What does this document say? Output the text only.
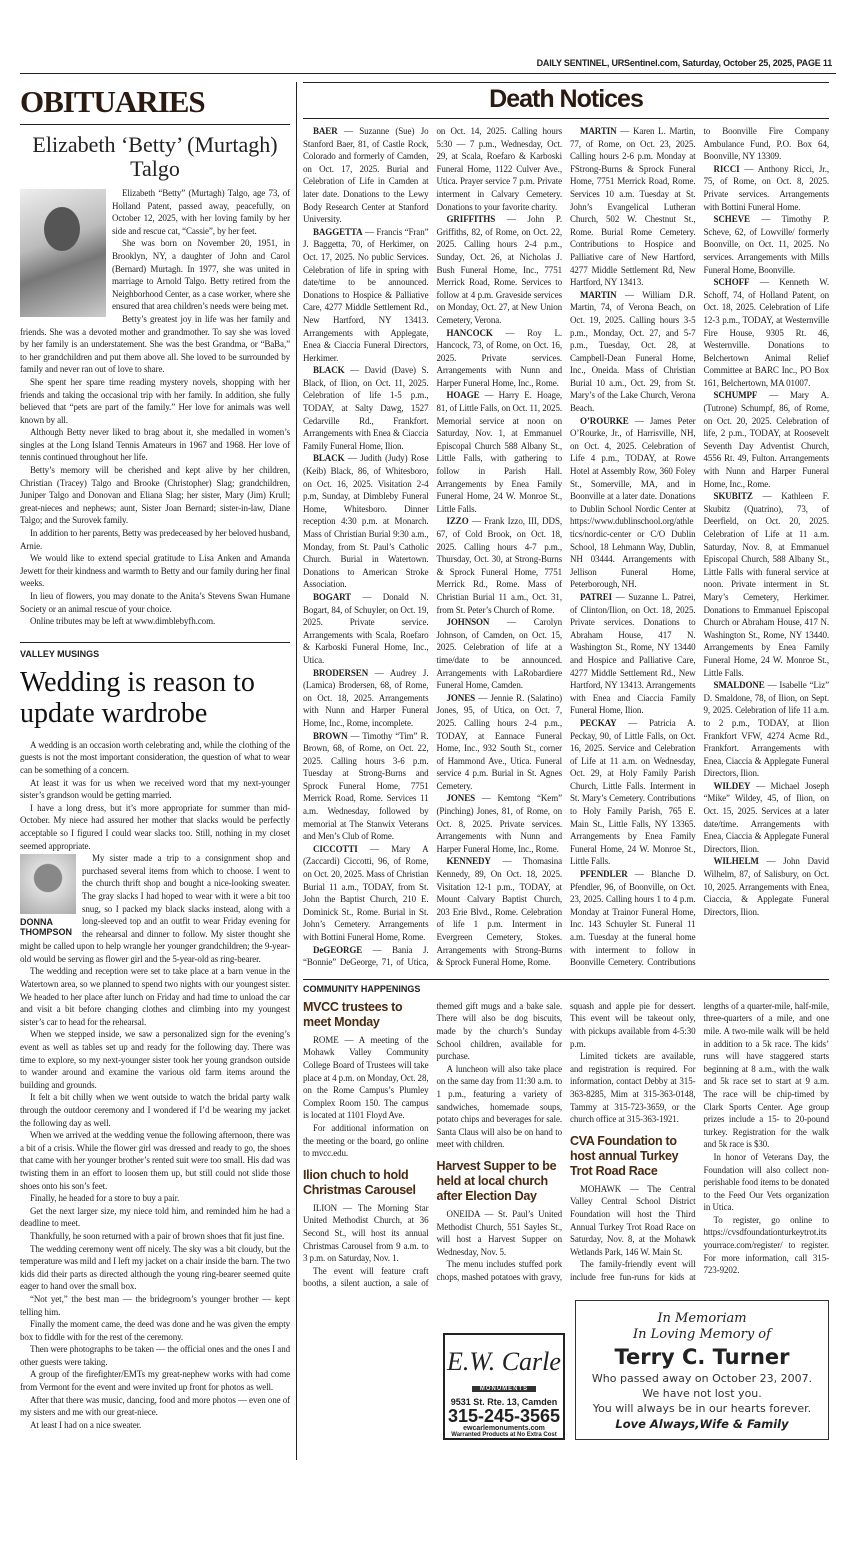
DAILY SENTINEL, URSentinel.com, Saturday, October 25, 2025, PAGE 11
OBITUARIES
Elizabeth ‘Betty’ (Murtagh) Talgo

Elizabeth “Betty” (Murtagh) Talgo, age 73, of Holland Patent, passed away, peacefully, on October 12, 2025, with her loving family by her side and rescue cat, “Cassie”, by her feet.

She was born on November 20, 1951, in Brooklyn, NY, a daughter of John and Carol (Bernard) Murtagh. In 1977, she was united in marriage to Arnold Talgo. Betty retired from the Neighborhood Center, as a case worker, where she ensured that area children’s needs were being met.

Betty’s greatest joy in life was her family and friends. She was a devoted mother and grandmother. To say she was loved by her family is an understatement. She was the best Grandma, or “BaBa,” to her grandchildren and put them above all. She loved to be surrounded by family and never ran out of love to share.

She spent her spare time reading mystery novels, shopping with her friends and taking the occasional trip with her family. In addition, she fully believed that “pets are part of the family.” Her love for animals was well known by all.

Although Betty never liked to brag about it, she medalled in women’s singles at the Long Island Tennis Amateurs in 1967 and 1968. Her love of tennis continued throughout her life.

Betty’s memory will be cherished and kept alive by her children, Christian (Tracey) Talgo and Brooke (Christopher) Slag; grandchildren, Juniper Talgo and Donovan and Eliana Slag; her sister, Mary (Jim) Krull; great-nieces and nephews; aunt, Sister Joan Bernard; sister-in-law, Diane Talgo; and the Surovek family.

In addition to her parents, Betty was predeceased by her beloved husband, Arnie.

We would like to extend special gratitude to Lisa Anken and Amanda Jewett for their kindness and warmth to Betty and our family during her final weeks.

In lieu of flowers, you may donate to the Anita’s Stevens Swan Humane Society or an animal rescue of your choice.

Online tributes may be left at www.dimblebyfh.com.

VALLEY MUSINGS
Wedding is reason to update wardrobe

A wedding is an occasion worth celebrating and, while the clothing of the guests is not the most important consideration, the question of what to wear can be something of a concern.

At least it was for us when we received word that my next-younger sister’s grandson would be getting married.

I have a long dress, but it’s more appropriate for summer than mid-October. My niece had assured her mother that slacks would be perfectly acceptable so I figured I could wear slacks too. Still, nothing in my closet seemed appropriate.

DONNA THOMPSON

My sister made a trip to a consignment shop and purchased several items from which to choose. I went to the church thrift shop and bought a nice-looking sweater. The gray slacks I had hoped to wear with it were a bit too snug, so I packed my black slacks instead, along with a long-sleeved top and an outfit to wear Friday evening for the rehearsal and dinner to follow. My sister thought she might be called upon to help wrangle her younger grandchildren; the 9-year-old would be serving as flower girl and the 5-year-old as ring-bearer.

The wedding and reception were set to take place at a barn venue in the Watertown area, so we planned to spend two nights with our youngest sister. We headed to her place after lunch on Friday and had time to unload the car and visit a bit before changing clothes and climbing into my youngest sister’s car to head for the rehearsal.

When we stepped inside, we saw a personalized sign for the evening’s event as well as tables set up and ready for the following day. There was time to explore, so my next-younger sister took her young grandson outside to wander around and examine the various old farm items around the building and grounds.

It felt a bit chilly when we went outside to watch the bridal party walk through the outdoor ceremony and I wondered if I’d be wearing my jacket the following day as well.

When we arrived at the wedding venue the following afternoon, there was a bit of a crisis. While the flower girl was dressed and ready to go, the shoes that came with her younger brother’s rented suit were too small. His dad was twisting them in an effort to loosen them up, but still could not slide those shoes onto his son’s feet.

Finally, he headed for a store to buy a pair.

Get the next larger size, my niece told him, and reminded him he had a deadline to meet.

Thankfully, he soon returned with a pair of brown shoes that fit just fine.

The wedding ceremony went off nicely. The sky was a bit cloudy, but the temperature was mild and I left my jacket on a chair inside the barn. The two kids did their parts as directed although the young ring-bearer seemed quite eager to hand over the small box.

“Not yet,” the best man — the bridegroom’s younger brother — kept telling him.

Finally the moment came, the deed was done and he was given the empty box to fiddle with for the rest of the ceremony.

Then were photographs to be taken — the official ones and the ones I and other guests were taking.

A group of the firefighter/EMTs my great-nephew works with had come from Vermont for the event and were invited up front for photos as well.

After that there was music, dancing, food and more photos — even one of my sisters and me with our great-niece.

At least I had on a nice sweater.

Death Notices

BAER — Suzanne (Sue) Jo Stanford Baer, 81, of Castle Rock, Colorado and formerly of Camden, on Oct. 17, 2025. Burial and Celebration of Life in Camden at later date. Donations to the Lewy Body Research Center at Stanford University.

BAGGETTA — Francis “Fran” J. Baggetta, 70, of Herkimer, on Oct. 17, 2025. No public Services. Celebration of life in spring with date/time to be announced. Donations to Hospice & Palliative Care, 4277 Middle Settlement Rd., New Hartford, NY 13413. Arrangements with Applegate, Enea & Ciaccia Funeral Directors, Herkimer.

BLACK — David (Dave) S. Black, of Ilion, on Oct. 11, 2025. Celebration of life 1-5 p.m., TODAY, at Salty Dawg, 1527 Cedarville Rd., Frankfort. Arrangements with Enea & Ciaccia Family Funeral Home, Ilion.

BLACK — Judith (Judy) Rose (Keib) Black, 86, of Whitesboro, on Oct. 16, 2025. Visitation 2-4 p.m, Sunday, at Dimbleby Funeral Home, Whitesboro. Dinner reception 4:30 p.m. at Monarch. Mass of Christian Burial 9:30 a.m., Monday, from St. Paul’s Catholic Church. Burial in Watertown. Donations to American Stroke Association.

BOGART — Donald N. Bogart, 84, of Schuyler, on Oct. 19, 2025. Private service. Arrangements with Scala, Roefaro & Karboski Funeral Home, Inc., Utica.

BRODERSEN — Audrey J. (Lamica) Brodersen, 68, of Rome, on Oct. 18, 2025. Arrangements with Nunn and Harper Funeral Home, Inc., Rome, incomplete.

BROWN — Timothy “Tim” R. Brown, 68, of Rome, on Oct. 22, 2025. Calling hours 3-6 p.m. Tuesday at Strong-Burns and Sprock Funeral Home, 7751 Merrick Road, Rome. Services 11 a.m. Wednesday, followed by memorial at The Stanwix Veterans and Men’s Club of Rome.

CICCOTTI — Mary A (Zaccardi) Ciccotti, 96, of Rome, on Oct. 20, 2025. Mass of Christian Burial 11 a.m., TODAY, from St. John the Baptist Church, 210 E. Dominick St., Rome. Burial in St. John’s Cemetery. Arrangements with Bottini Funeral Home, Rome.

DeGEORGE — Bania J. “Bonnie” DeGeorge, 71, of Utica, on Oct. 14, 2025. Calling hours 5:30 — 7 p.m., Wednesday, Oct. 29, at Scala, Roefaro & Karboski Funeral Home, 1122 Culver Ave., Utica. Prayer service 7 p.m. Private interment in Calvary Cemetery. Donations to your favorite charity.

GRIFFITHS — John P. Griffiths, 82, of Rome, on Oct. 22, 2025. Calling hours 2-4 p.m., Sunday, Oct. 26, at Nicholas J. Bush Funeral Home, Inc., 7751 Merrick Road, Rome. Services to follow at 4 p.m. Graveside services on Monday, Oct. 27, at New Union Cemetery, Verona.

HANCOCK — Roy L. Hancock, 73, of Rome, on Oct. 16, 2025. Private services. Arrangements with Nunn and Harper Funeral Home, Inc., Rome.

HOAGE — Harry E. Hoage, 81, of Little Falls, on Oct. 11, 2025. Memorial service at noon on Saturday, Nov. 1, at Emmanuel Episcopal Church 588 Albany St., Little Falls, with gathering to follow in Parish Hall. Arrangements by Enea Family Funeral Home, 24 W. Monroe St., Little Falls.

IZZO — Frank Izzo, III, DDS, 67, of Cold Brook, on Oct. 18, 2025. Calling hours 4-7 p.m., Thursday, Oct. 30, at Strong-Burns & Sprock Funeral Home, 7751 Merrick Rd., Rome. Mass of Christian Burial 11 a.m., Oct. 31, from St. Peter’s Church of Rome.

JOHNSON — Carolyn Johnson, of Camden, on Oct. 15, 2025. Celebration of life at a time/date to be announced. Arrangements with LaRobardiere Funeral Home, Camden.

JONES — Jennie R. (Salatino) Jones, 95, of Utica, on Oct. 7, 2025. Calling hours 2-4 p.m., TODAY, at Eannace Funeral Home, Inc., 932 South St., corner of Hammond Ave., Utica. Funeral service 4 p.m. Burial in St. Agnes Cemetery.

JONES — Kemtong “Kem” (Pinching) Jones, 81, of Rome, on Oct. 8, 2025. Private services. Arrangements with Nunn and Harper Funeral Home, Inc., Rome.

KENNEDY — Thomasina Kennedy, 89, On Oct. 18, 2025. Visitation 12-1 p.m., TODAY, at Mount Calvary Baptist Church, 203 Erie Blvd., Rome. Celebration of life 1 p.m. Interment in Evergreen Cemetery, Stokes. Arrangements with Strong-Burns & Sprock Funeral Home, Rome.

MARTIN — Karen L. Martin, 77, of Rome, on Oct. 23, 2025. Calling hours 2-6 p.m. Monday at FStrong-Burns & Sprock Funeral Home, 7751 Merrick Road, Rome. Services 10 a.m. Tuesday at St. John’s Evangelical Lutheran Church, 502 W. Chestnut St., Rome. Burial Rome Cemetery. Contributions to Hospice and Palliative care of New Hartford, 4277 Middle Settlement Rd, New Hartford, NY 13413.

MARTIN — William D.R. Martin, 74, of Verona Beach, on Oct. 19, 2025. Calling hours 3-5 p.m., Monday, Oct. 27, and 5-7 p.m., Tuesday, Oct. 28, at Campbell-Dean Funeral Home, Inc., Oneida. Mass of Christian Burial 10 a.m., Oct. 29, from St. Mary’s of the Lake Church, Verona Beach.

O’ROURKE — James Peter O’Rourke, Jr., of Harrisville, NH, on Oct. 4, 2025. Celebration of Life 4 p.m., TODAY, at Rowe Hotel at Assembly Row, 360 Foley St., Somerville, MA, and in Boonville at a later date. Donations to Dublin School Nordic Center at https://www.dublinschool.org/athletics/nordic-center or C/O Dublin School, 18 Lehmann Way, Dublin, NH 03444. Arrangements with Jellison Funeral Home, Peterborough, NH.

PATREI — Suzanne L. Patrei, of Clinton/Ilion, on Oct. 18, 2025. Private services. Donations to Abraham House, 417 N. Washington St., Rome, NY 13440 and Hospice and Palliative Care, 4277 Middle Settlement Rd., New Hartford, NY 13413. Arrangements with Enea and Ciaccia Family Funeral Home, Ilion.

PECKAY — Patricia A. Peckay, 90, of Little Falls, on Oct. 16, 2025. Service and Celebration of Life at 11 a.m. on Wednesday, Oct. 29, at Holy Family Parish Church, Little Falls. Interment in St. Mary’s Cemetery. Contributions to Holy Family Parish, 765 E. Main St., Little Falls, NY 13365. Arrangements by Enea Family Funeral Home, 24 W. Monroe St., Little Falls.

PFENDLER — Blanche D. Pfendler, 96, of Boonville, on Oct. 23, 2025. Calling hours 1 to 4 p.m. Monday at Trainor Funeral Home, Inc. 143 Schuyler St. Funeral 11 a.m. Tuesday at the funeral home with interment to follow in Boonville Cemetery. Contributions to Boonville Fire Company Ambulance Fund, P.O. Box 64, Boonville, NY 13309.

RICCI — Anthony Ricci, Jr., 75, of Rome, on Oct. 8, 2025. Private services. Arrangements with Bottini Funeral Home.

SCHEVE — Timothy P. Scheve, 62, of Lowville/ formerly Boonville, on Oct. 11, 2025. No services. Arrangements with Mills Funeral Home, Boonville.

SCHOFF — Kenneth W. Schoff, 74, of Holland Patent, on Oct. 18, 2025. Celebration of Life 12-3 p.m., TODAY, at Westernville Fire House, 9305 Rt. 46, Westernville. Donations to Belchertown Animal Relief Committee at BARC Inc., PO Box 161, Belchertown, MA 01007.

SCHUMPF — Mary A. (Tutrone) Schumpf, 86, of Rome, on Oct. 20, 2025. Celebration of life, 2 p.m., TODAY, at Roosevelt Seventh Day Adventist Church, 4556 Rt. 49, Fulton. Arrangements with Nunn and Harper Funeral Home, Inc., Rome.

SKUBITZ — Kathleen F. Skubitz (Quatrino), 73, of Deerfield, on Oct. 20, 2025. Celebration of Life at 11 a.m. Saturday, Nov. 8, at Emmanuel Episcopal Church, 588 Albany St., Little Falls with funeral service at noon. Private interment in St. Mary’s Cemetery, Herkimer. Donations to Emmanuel Episcopal Church or Abraham House, 417 N. Washington St., Rome, NY 13440. Arrangements by Enea Family Funeral Home, 24 W. Monroe St., Little Falls.

SMALDONE — Isabelle “Liz” D. Smaldone, 78, of Ilion, on Sept. 9, 2025. Celebration of life 11 a.m. to 2 p.m., TODAY, at Ilion Frankfort VFW, 4274 Acme Rd., Frankfort. Arrangements with Enea, Ciaccia & Applegate Funeral Directors, Ilion.

WILDEY — Michael Joseph “Mike” Wildey, 45, of Ilion, on Oct. 15, 2025. Services at a later date/time. Arrangements with Enea, Ciaccia & Applegate Funeral Directors, Ilion.

WILHELM — John David Wilhelm, 87, of Salisbury, on Oct. 10, 2025. Arrangements with Enea, Ciaccia, & Applegate Funeral Directors, Ilion.

COMMUNITY HAPPENINGS
MVCC trustees to meet Monday

ROME — A meeting of the Mohawk Valley Community College Board of Trustees will take place at 4 p.m. on Monday, Oct. 28, on the Rome Campus’s Plumley Complex Room 150. The campus is located at 1101 Floyd Ave.

For additional information on the meeting or the board, go online to mvcc.edu.

Ilion chuch to hold Christmas Carousel

ILION — The Morning Star United Methodist Church, at 36 Second St., will host its annual Christmas Carousel from 9 a.m. to 3 p.m. on Saturday, Nov. 1.

The event will feature craft booths, a silent auction, a sale of themed gift mugs and a bake sale. There will also be dog biscuits, made by the church’s Sunday School children, available for purchase.

A luncheon will also take place on the same day from 11:30 a.m. to 1 p.m., featuring a variety of sandwiches, homemade soups, potato chips and beverages for sale. Santa Claus will also be on hand to meet with children.

Harvest Supper to be held at local church after Election Day

ONEIDA — St. Paul’s United Methodist Church, 551 Sayles St., will host a Harvest Supper on Wednesday, Nov. 5.

The menu includes stuffed pork chops, mashed potatoes with gravy, squash and apple pie for dessert. This event will be takeout only, with pickups available from 4-5:30 p.m.

Limited tickets are available, and registration is required. For information, contact Debby at 315-363-8285, Mim at 315-363-0148, Tammy at 315-723-3659, or the church office at 315-363-1921.

CVA Foundation to host annual Turkey Trot Road Race

MOHAWK — The Central Valley Central School District Foundation will host the Third Annual Turkey Trot Road Race on Saturday, Nov. 8, at the Mohawk Wetlands Park, 146 W. Main St.

The family-friendly event will include free fun-runs for kids at lengths of a quarter-mile, half-mile, three-quarters of a mile, and one mile. A two-mile walk will be held in addition to a 5k race. The kids’ runs will have staggered starts beginning at 8 a.m., with the walk and 5k race set to start at 9 a.m. The race will be chip-timed by Clark Sports Center. Age group prizes include a 15- to 20-pound turkey. Registration for the walk and 5k race is $30.

In honor of Veterans Day, the Foundation will also collect non-perishable food items to be donated to the Feed Our Vets organization in Utica.

To register, go online to https://cvsdfoundationturkeytrot.itsyourrace.com/register/ to register. For more information, call 315-723-9202.

E.W. Carle
MONUMENTS
9531 St. Rte. 13, Camden
315-245-3565
ewcarlemonuments.com
Warranted Products at No Extra Cost
In Memoriam
In Loving Memory of
Terry C. Turner
Who passed away on October 23, 2007.
We have not lost you.
You will always be in our hearts forever.
Love Always,Wife & Family
